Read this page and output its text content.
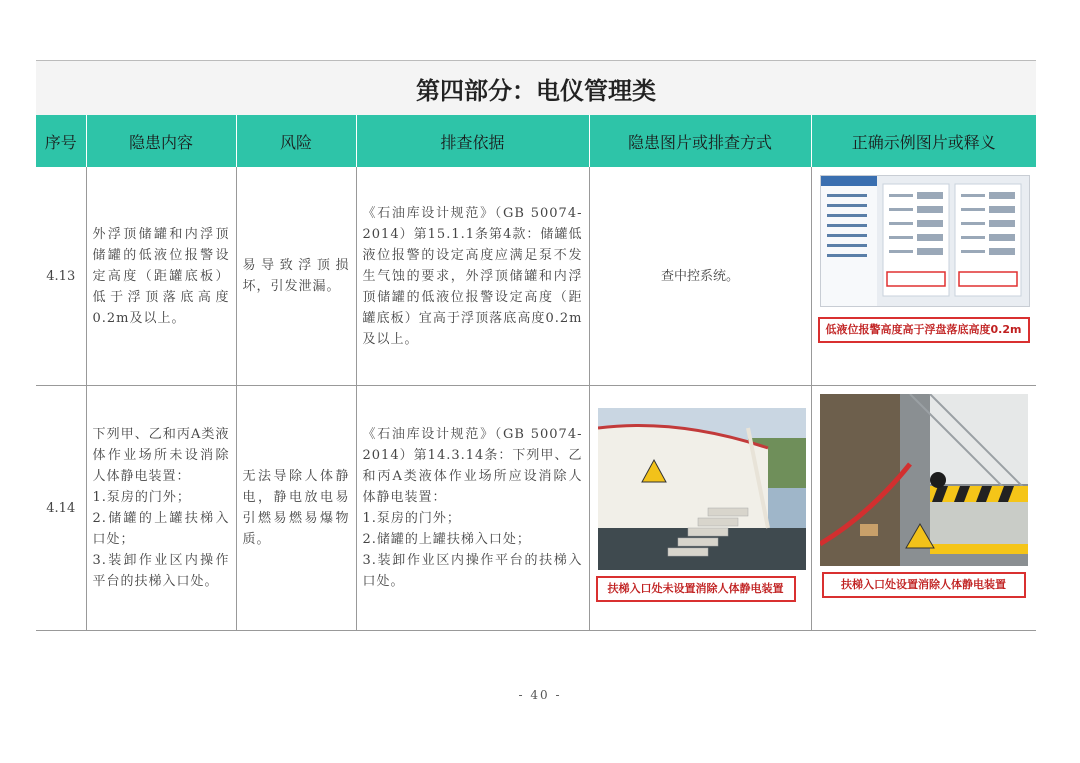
第四部分：电仪管理类
序号	隐患内容	风险	排查依据	隐患图片或排查方式	正确示例图片或释义
4.13	外浮顶储罐和内浮顶储罐的低液位报警设定高度（距罐底板）低于浮顶落底高度0.2m及以上。	易导致浮顶损坏，引发泄漏。	《石油库设计规范》（GB 50074-2014）第15.1.1条第4款：储罐低液位报警的设定高度应满足泵不发生气蚀的要求，外浮顶储罐和内浮顶储罐的低液位报警设定高度（距罐底板）宜高于浮顶落底高度0.2m及以上。	查中控系统。	低液位报警高度高于浮盘落底高度0.2m

4.14	下列甲、乙和丙A类液体作业场所未设消除人体静电装置：
1.泵房的门外；
2.储罐的上罐扶梯入口处；
3.装卸作业区内操作平台的扶梯入口处。	无法导除人体静电，静电放电易引燃易燃易爆物质。	《石油库设计规范》（GB 50074-2014）第14.3.14条：下列甲、乙和丙A类液体作业场所应设消除人体静电装置：
1.泵房的门外；
2.储罐的上罐扶梯入口处；
3.装卸作业区内操作平台的扶梯入口处。	扶梯入口处未设置消除人体静电装置	扶梯入口处设置消除人体静电装置
- 40 -
